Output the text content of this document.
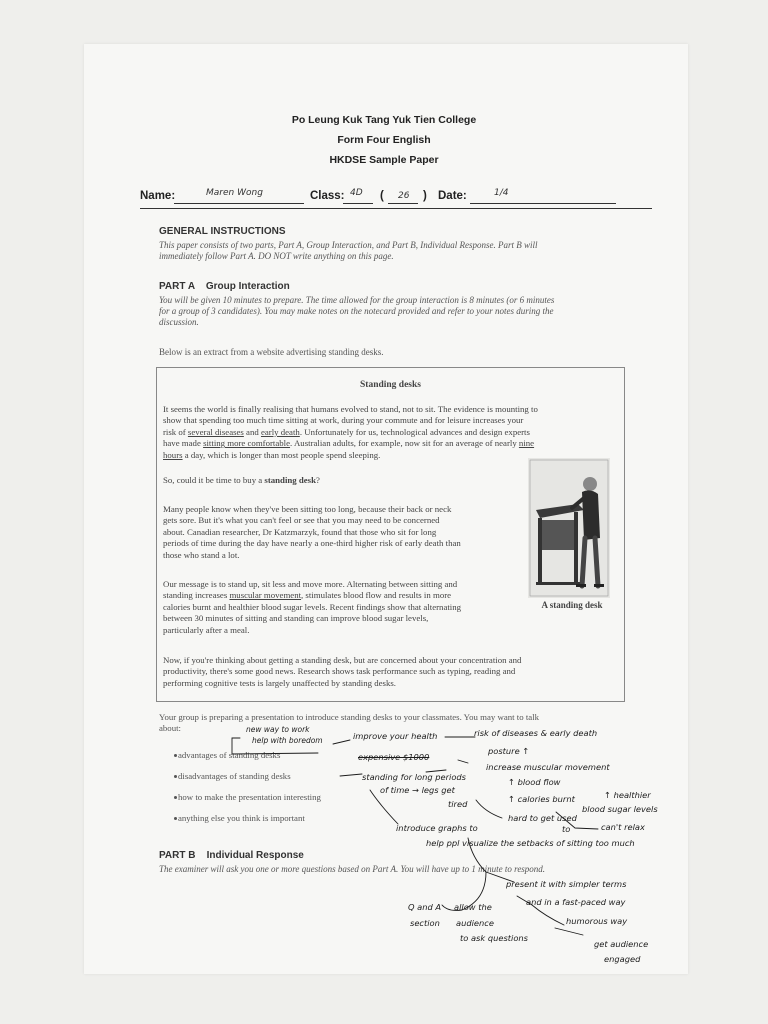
Po Leung Kuk Tang Yuk Tien College
Form Four English
HKDSE Sample Paper
Name:	Maren Wong	Class: 4D ( 26 ) Date:	1/4
GENERAL INSTRUCTIONS
This paper consists of two parts, Part A, Group Interaction, and Part B, Individual Response. Part B will
immediately follow Part A. DO NOT write anything on this page.
PART A    Group Interaction
You will be given 10 minutes to prepare. The time allowed for the group interaction is 8 minutes (or 6 minutes
for a group of 3 candidates). You may make notes on the notecard provided and refer to your notes during the
discussion.
Below is an extract from a website advertising standing desks.
Standing desks
It seems the world is finally realising that humans evolved to stand, not to sit. The evidence is mounting to
show that spending too much time sitting at work, during your commute and for leisure increases your
risk of several diseases and early death. Unfortunately for us, technological advances and design experts
have made sitting more comfortable. Australian adults, for example, now sit for an average of nearly nine
hours a day, which is longer than most people spend sleeping.
So, could it be time to buy a standing desk?
Many people know when they've been sitting too long, because their back or neck
gets sore. But it's what you can't feel or see that you may need to be concerned
about. Canadian researcher, Dr Katzmarzyk, found that those who sit for long
periods of time during the day have nearly a one-third higher risk of early death than
those who stand a lot.
Our message is to stand up, sit less and move more. Alternating between sitting and
standing increases muscular movement, stimulates blood flow and results in more
calories burnt and healthier blood sugar levels. Recent findings show that alternating
between 30 minutes of sitting and standing can improve blood sugar levels,
particularly after a meal.
Now, if you're thinking about getting a standing desk, but are concerned about your concentration and
productivity, there's some good news. Research shows task performance such as typing, reading and
performing cognitive tests is largely unaffected by standing desks.
A standing desk
Your group is preparing a presentation to introduce standing desks to your classmates. You may want to talk
about:
advantages of standing desks
disadvantages of standing desks
how to make the presentation interesting
anything else you think is important
PART B    Individual Response
The examiner will ask you one or more questions based on Part A. You will have up to 1 minute to respond.
new way to work
help with boredom	improve your health	risk of diseases & early death
posture ↑
expensive $1000
increase muscular movement
↑ blood flow
standing for long periods
of time → legs get
tired	↑ calories burnt	↑ healthier
blood sugar levels
hard to get used
to	can't relax
introduce graphs to
help ppl visualize the setbacks of sitting too much
present it with simpler terms
and in a fast-paced way
humorous way
get audience
engaged
Q and A
section
allow the
audience
to ask questions
